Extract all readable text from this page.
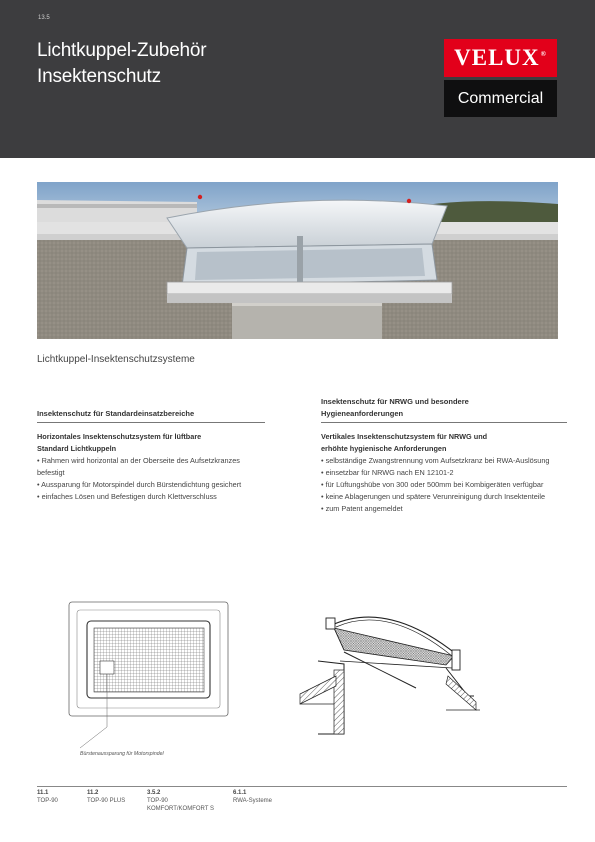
13.5
Lichtkuppel-Zubehör
Insektenschutz
VELUX®
Commercial
Lichtkuppel-Insektenschutzsysteme
Insektenschutz für Standardeinsatzbereiche
Horizontales Insektenschutzsystem für lüftbare
Standard Lichtkuppeln
• Rahmen wird horizontal an der Oberseite des Aufsetzkranzes befestigt
• Aussparung für Motorspindel durch Bürstendichtung gesichert
• einfaches Lösen und Befestigen durch Klettverschluss
Insektenschutz für NRWG und besondere
Hygieneanforderungen
Vertikales Insektenschutzsystem für NRWG und
erhöhte hygienische Anforderungen
• selbständige Zwangstrennung vom Aufsetzkranz bei RWA-Auslösung
• einsetzbar für NRWG nach EN 12101-2
• für Lüftungshübe von 300 oder 500mm bei Kombigeräten verfügbar
• keine Ablagerungen und spätere Verunreinigung durch Insektenteile
• zum Patent angemeldet
Bürstenaussparung für Motorspindel
11.1
TOP-90
11.2
TOP-90 PLUS
3.5.2
TOP-90
KOMFORT/KOMFORT S
6.1.1
RWA-Systeme
